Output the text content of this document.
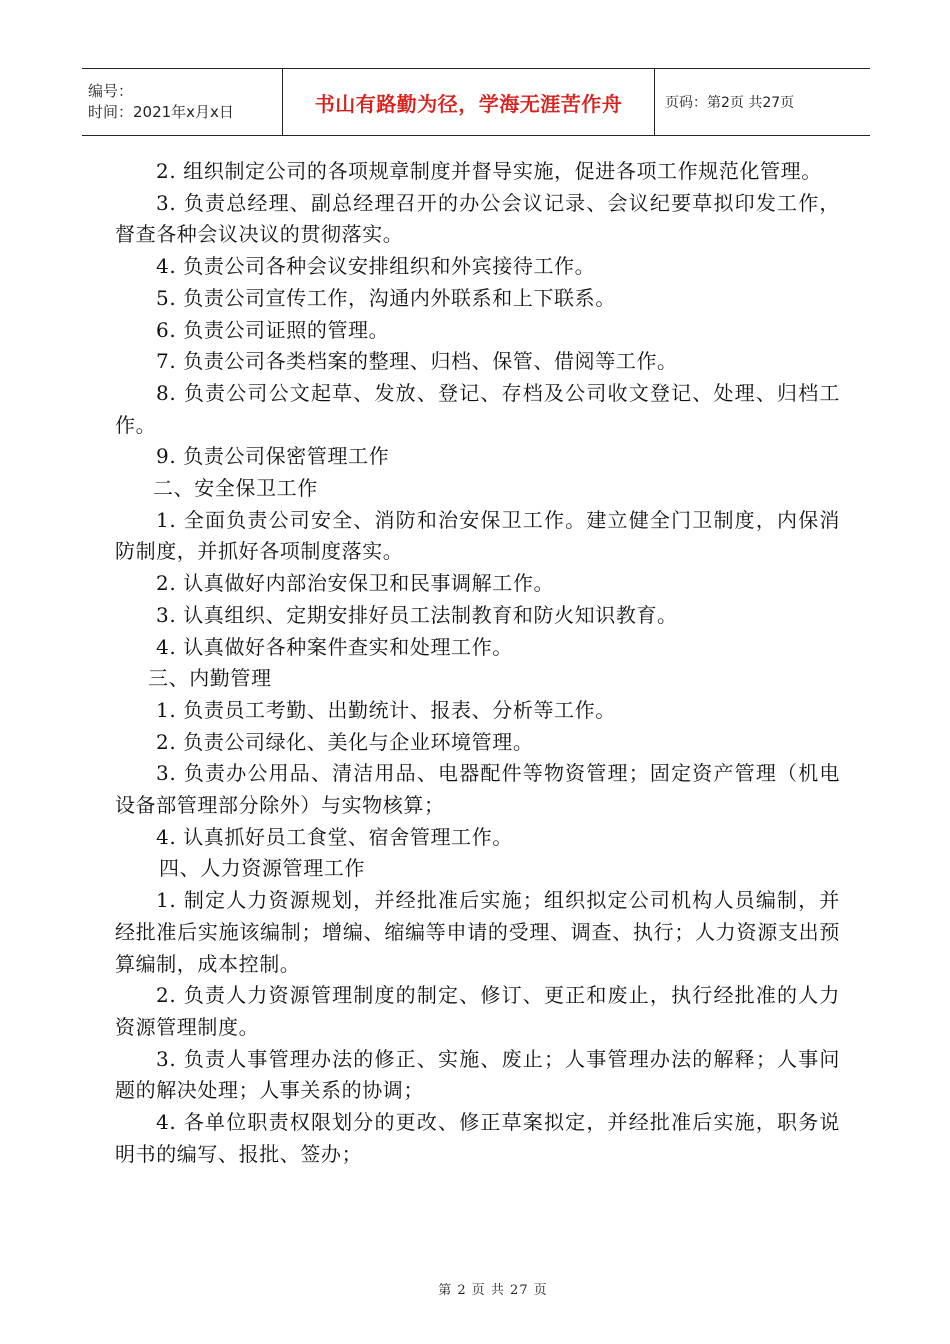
编号：
时间：2021年x月x日	书山有路勤为径，学海无涯苦作舟	页码：第2页 共27页

2. 组织制定公司的各项规章制度并督导实施，促进各项工作规范化管理。

3. 负责总经理、副总经理召开的办公会议记录、会议纪要草拟印发工作，督查各种会议决议的贯彻落实。

4. 负责公司各种会议安排组织和外宾接待工作。

5. 负责公司宣传工作，沟通内外联系和上下联系。

6. 负责公司证照的管理。

7. 负责公司各类档案的整理、归档、保管、借阅等工作。

8. 负责公司公文起草、发放、登记、存档及公司收文登记、处理、归档工作。

9. 负责公司保密管理工作

二、安全保卫工作

1. 全面负责公司安全、消防和治安保卫工作。建立健全门卫制度，内保消防制度，并抓好各项制度落实。

2. 认真做好内部治安保卫和民事调解工作。

3. 认真组织、定期安排好员工法制教育和防火知识教育。

4. 认真做好各种案件查实和处理工作。

三、内勤管理

1. 负责员工考勤、出勤统计、报表、分析等工作。

2. 负责公司绿化、美化与企业环境管理。

3. 负责办公用品、清洁用品、电器配件等物资管理；固定资产管理（机电设备部管理部分除外）与实物核算；

4. 认真抓好员工食堂、宿舍管理工作。

四、人力资源管理工作

1. 制定人力资源规划，并经批准后实施；组织拟定公司机构人员编制，并经批准后实施该编制；增编、缩编等申请的受理、调查、执行；人力资源支出预算编制，成本控制。

2. 负责人力资源管理制度的制定、修订、更正和废止，执行经批准的人力资源管理制度。

3. 负责人事管理办法的修正、实施、废止；人事管理办法的解释；人事问题的解决处理；人事关系的协调；

4. 各单位职责权限划分的更改、修正草案拟定，并经批准后实施，职务说明书的编写、报批、签办；

第 2 页 共 27 页
